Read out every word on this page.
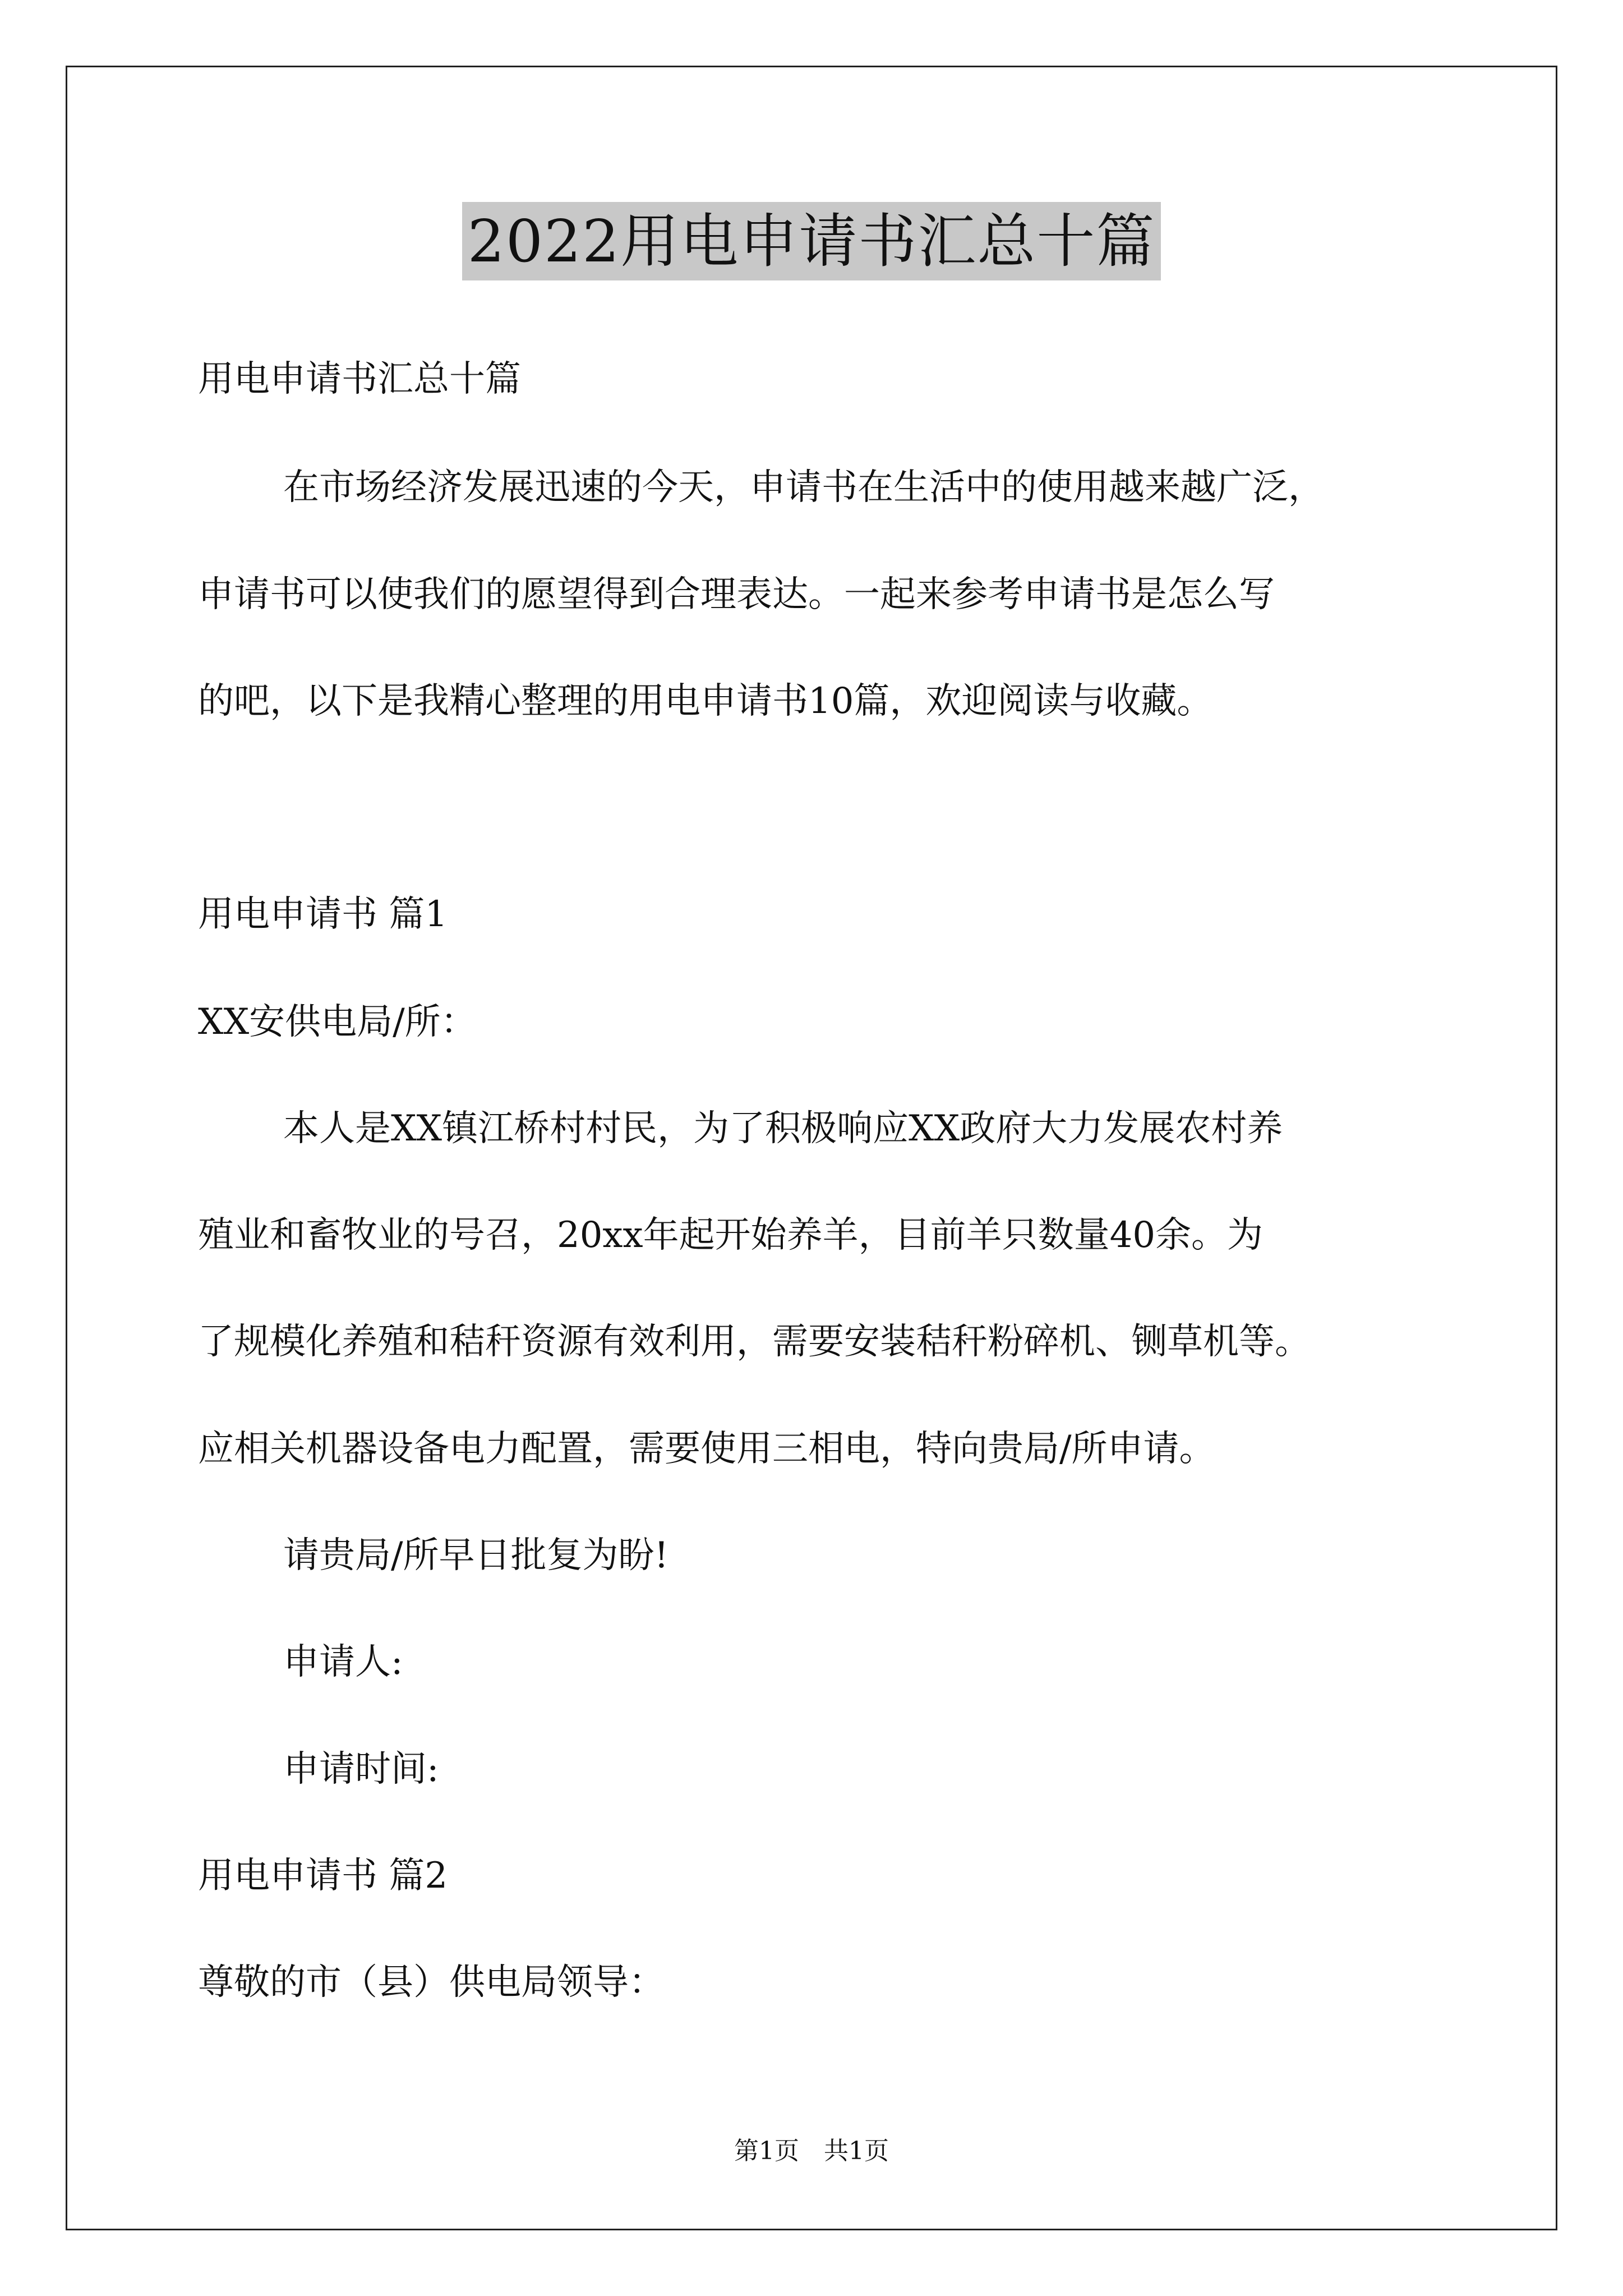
2022用电申请书汇总十篇
用电申请书汇总十篇
在市场经济发展迅速的今天，申请书在生活中的使用越来越广泛，
申请书可以使我们的愿望得到合理表达。一起来参考申请书是怎么写
的吧，以下是我精心整理的用电申请书10篇，欢迎阅读与收藏。
用电申请书 篇1
XX安供电局/所：
本人是XX镇江桥村村民，为了积极响应XX政府大力发展农村养
殖业和畜牧业的号召，20xx年起开始养羊，目前羊只数量40余。为
了规模化养殖和秸秆资源有效利用，需要安装秸秆粉碎机、铡草机等。
应相关机器设备电力配置，需要使用三相电，特向贵局/所申请。
请贵局/所早日批复为盼!
申请人:
申请时间:
用电申请书 篇2
尊敬的市（县）供电局领导：
第1页　共1页
